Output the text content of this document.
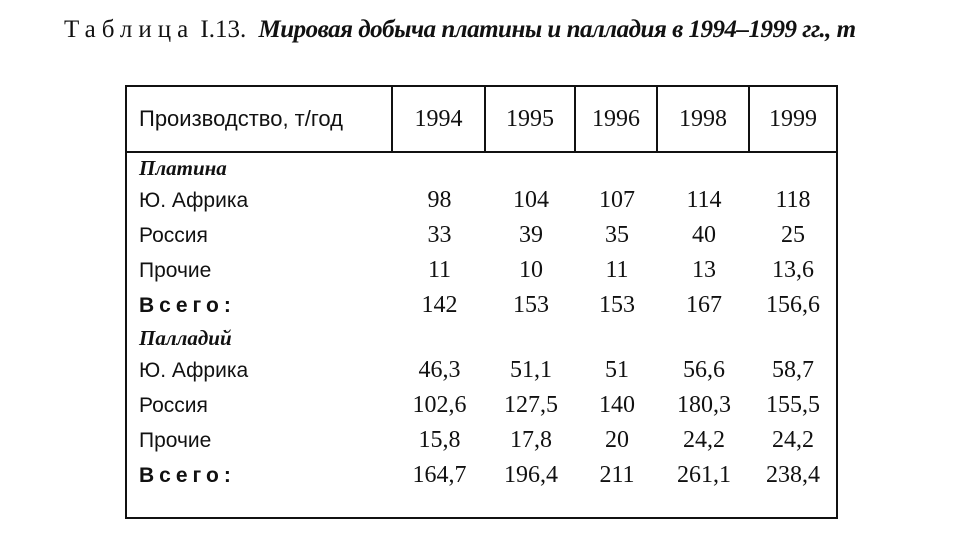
Таблица I.13. Мировая добыча платины и палладия в 1994–1999 гг., т
Производство, т/год	1994	1995	1996	1998	1999
Платина
Ю. Африка	98	104	107	114	118
Россия	33	39	35	40	25
Прочие	11	10	11	13	13,6
Всего:	142	153	153	167	156,6
Палладий
Ю. Африка	46,3	51,1	51	56,6	58,7
Россия	102,6	127,5	140	180,3	155,5
Прочие	15,8	17,8	20	24,2	24,2
Всего:	164,7	196,4	211	261,1	238,4
